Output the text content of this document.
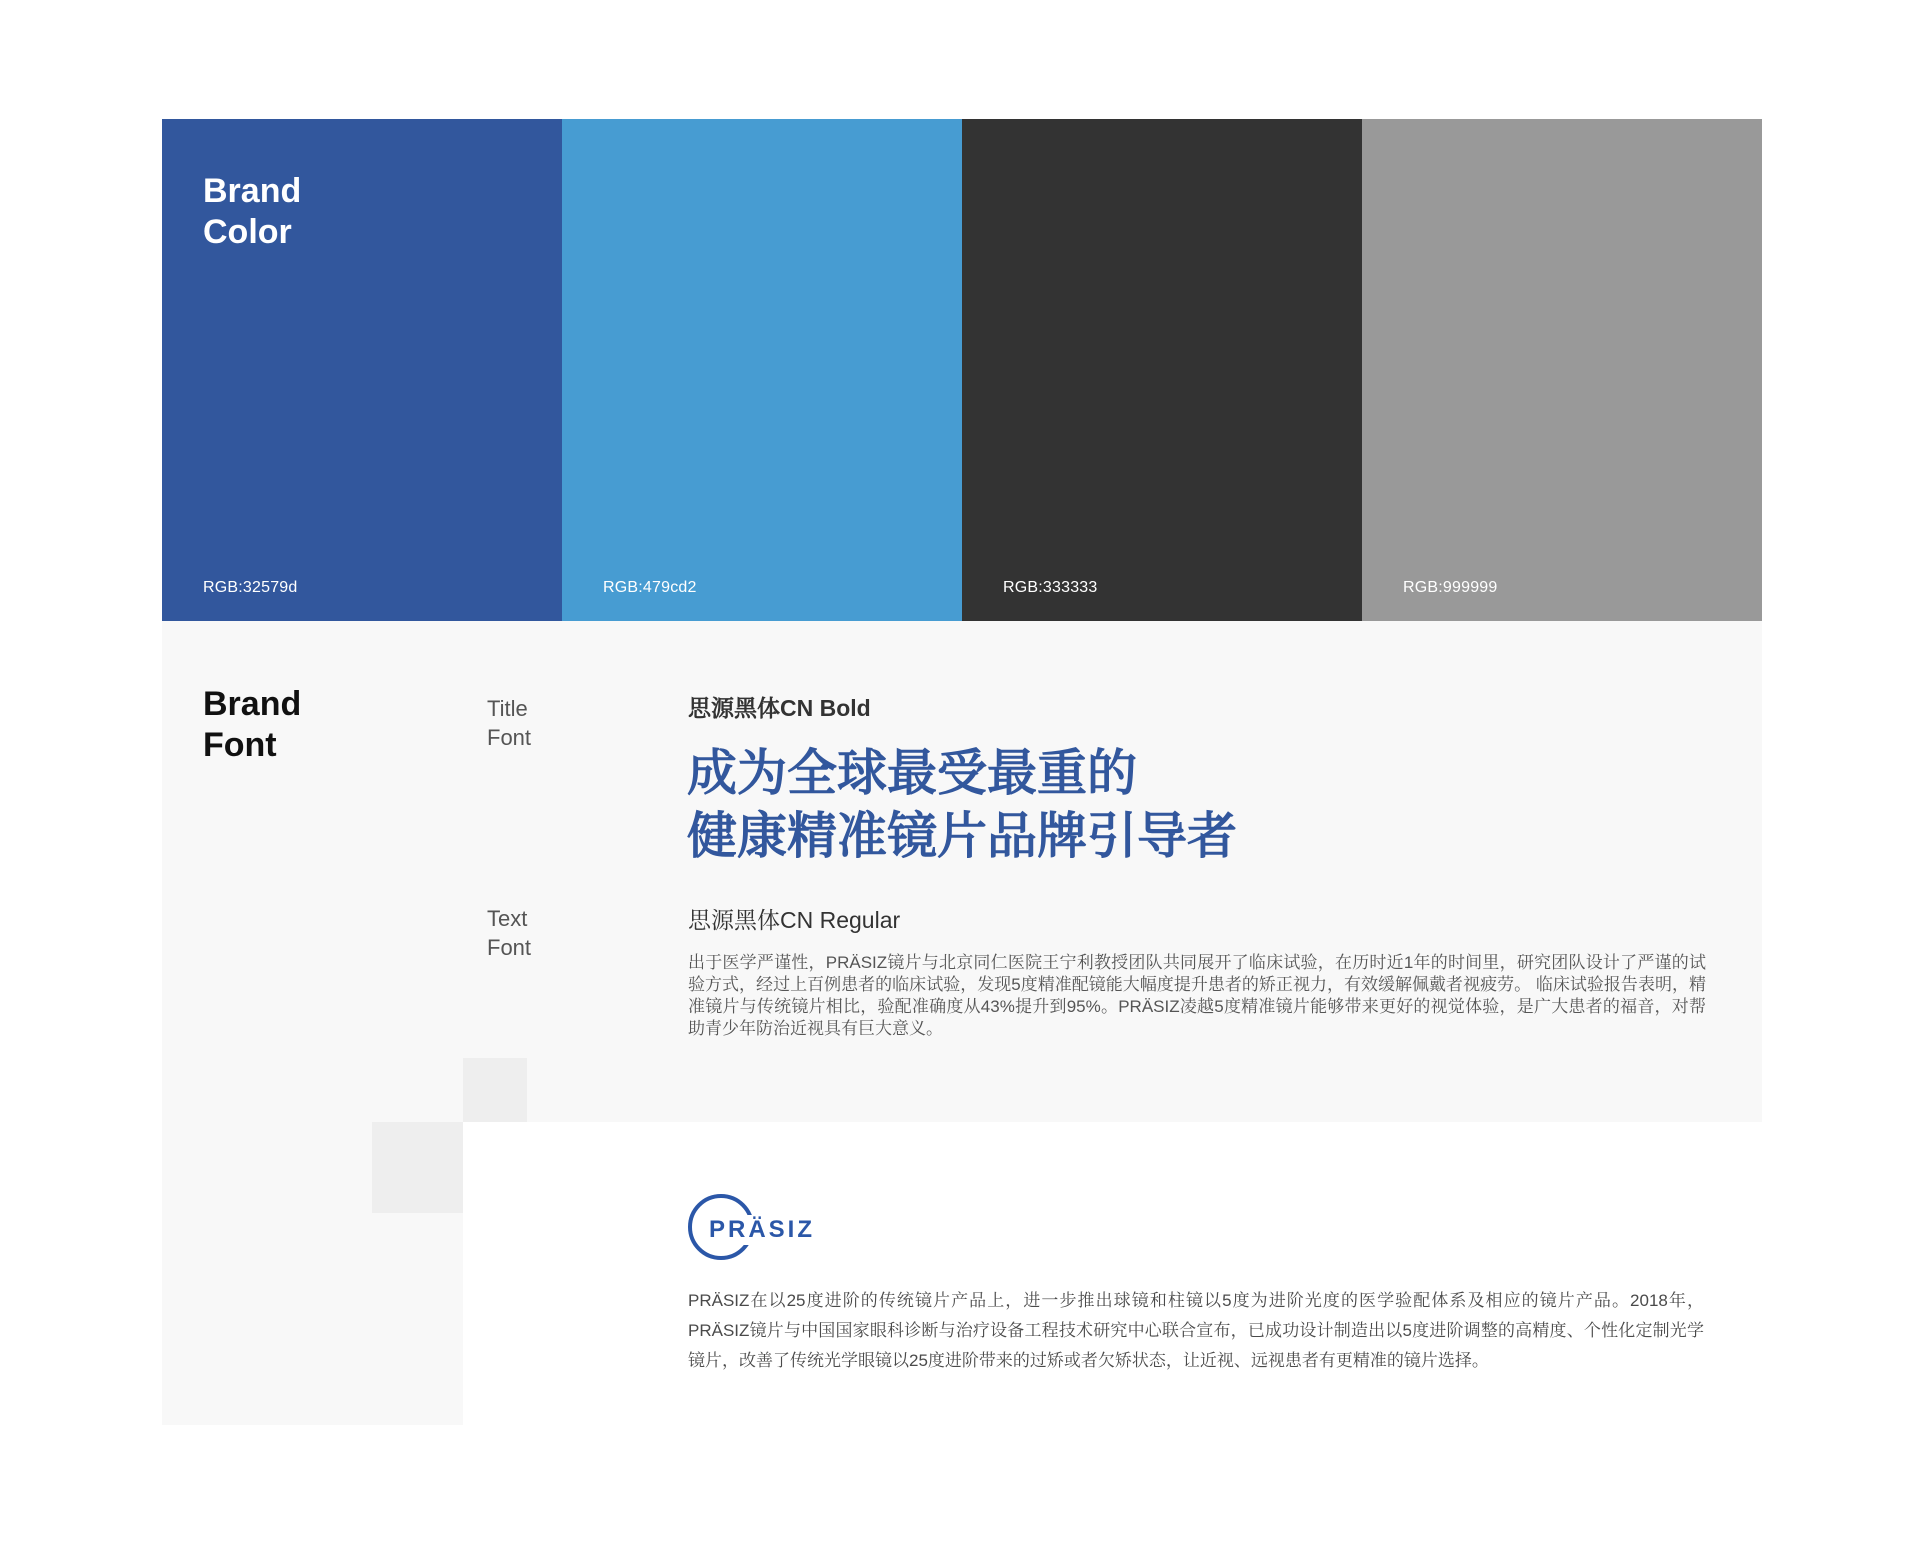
Brand
Color
RGB:32579d	RGB:479cd2	RGB:333333	RGB:999999
Brand
Font
Title
Font
思源黑体CN Bold
成为全球最受最重的
健康精准镜片品牌引导者
Text
Font
思源黑体CN Regular
出于医学严谨性，PRÄSIZ镜片与北京同仁医院王宁利教授团队共同展开了临床试验，在历时近1年的时间里，研究团队设计了严谨的试验方式，经过上百例患者的临床试验，发现5度精准配镜能大幅度提升患者的矫正视力，有效缓解佩戴者视疲劳。 临床试验报告表明，精准镜片与传统镜片相比，验配准确度从43%提升到95%。PRÄSIZ凌越5度精准镜片能够带来更好的视觉体验，是广大患者的福音，对帮助青少年防治近视具有巨大意义。
PRÄSIZ
PRÄSIZ在以25度进阶的传统镜片产品上，进一步推出球镜和柱镜以5度为进阶光度的医学验配体系及相应的镜片产品。2018年，PRÄSIZ镜片与中国国家眼科诊断与治疗设备工程技术研究中心联合宣布，已成功设计制造出以5度进阶调整的高精度、个性化定制光学镜片，改善了传统光学眼镜以25度进阶带来的过矫或者欠矫状态，让近视、远视患者有更精准的镜片选择。
